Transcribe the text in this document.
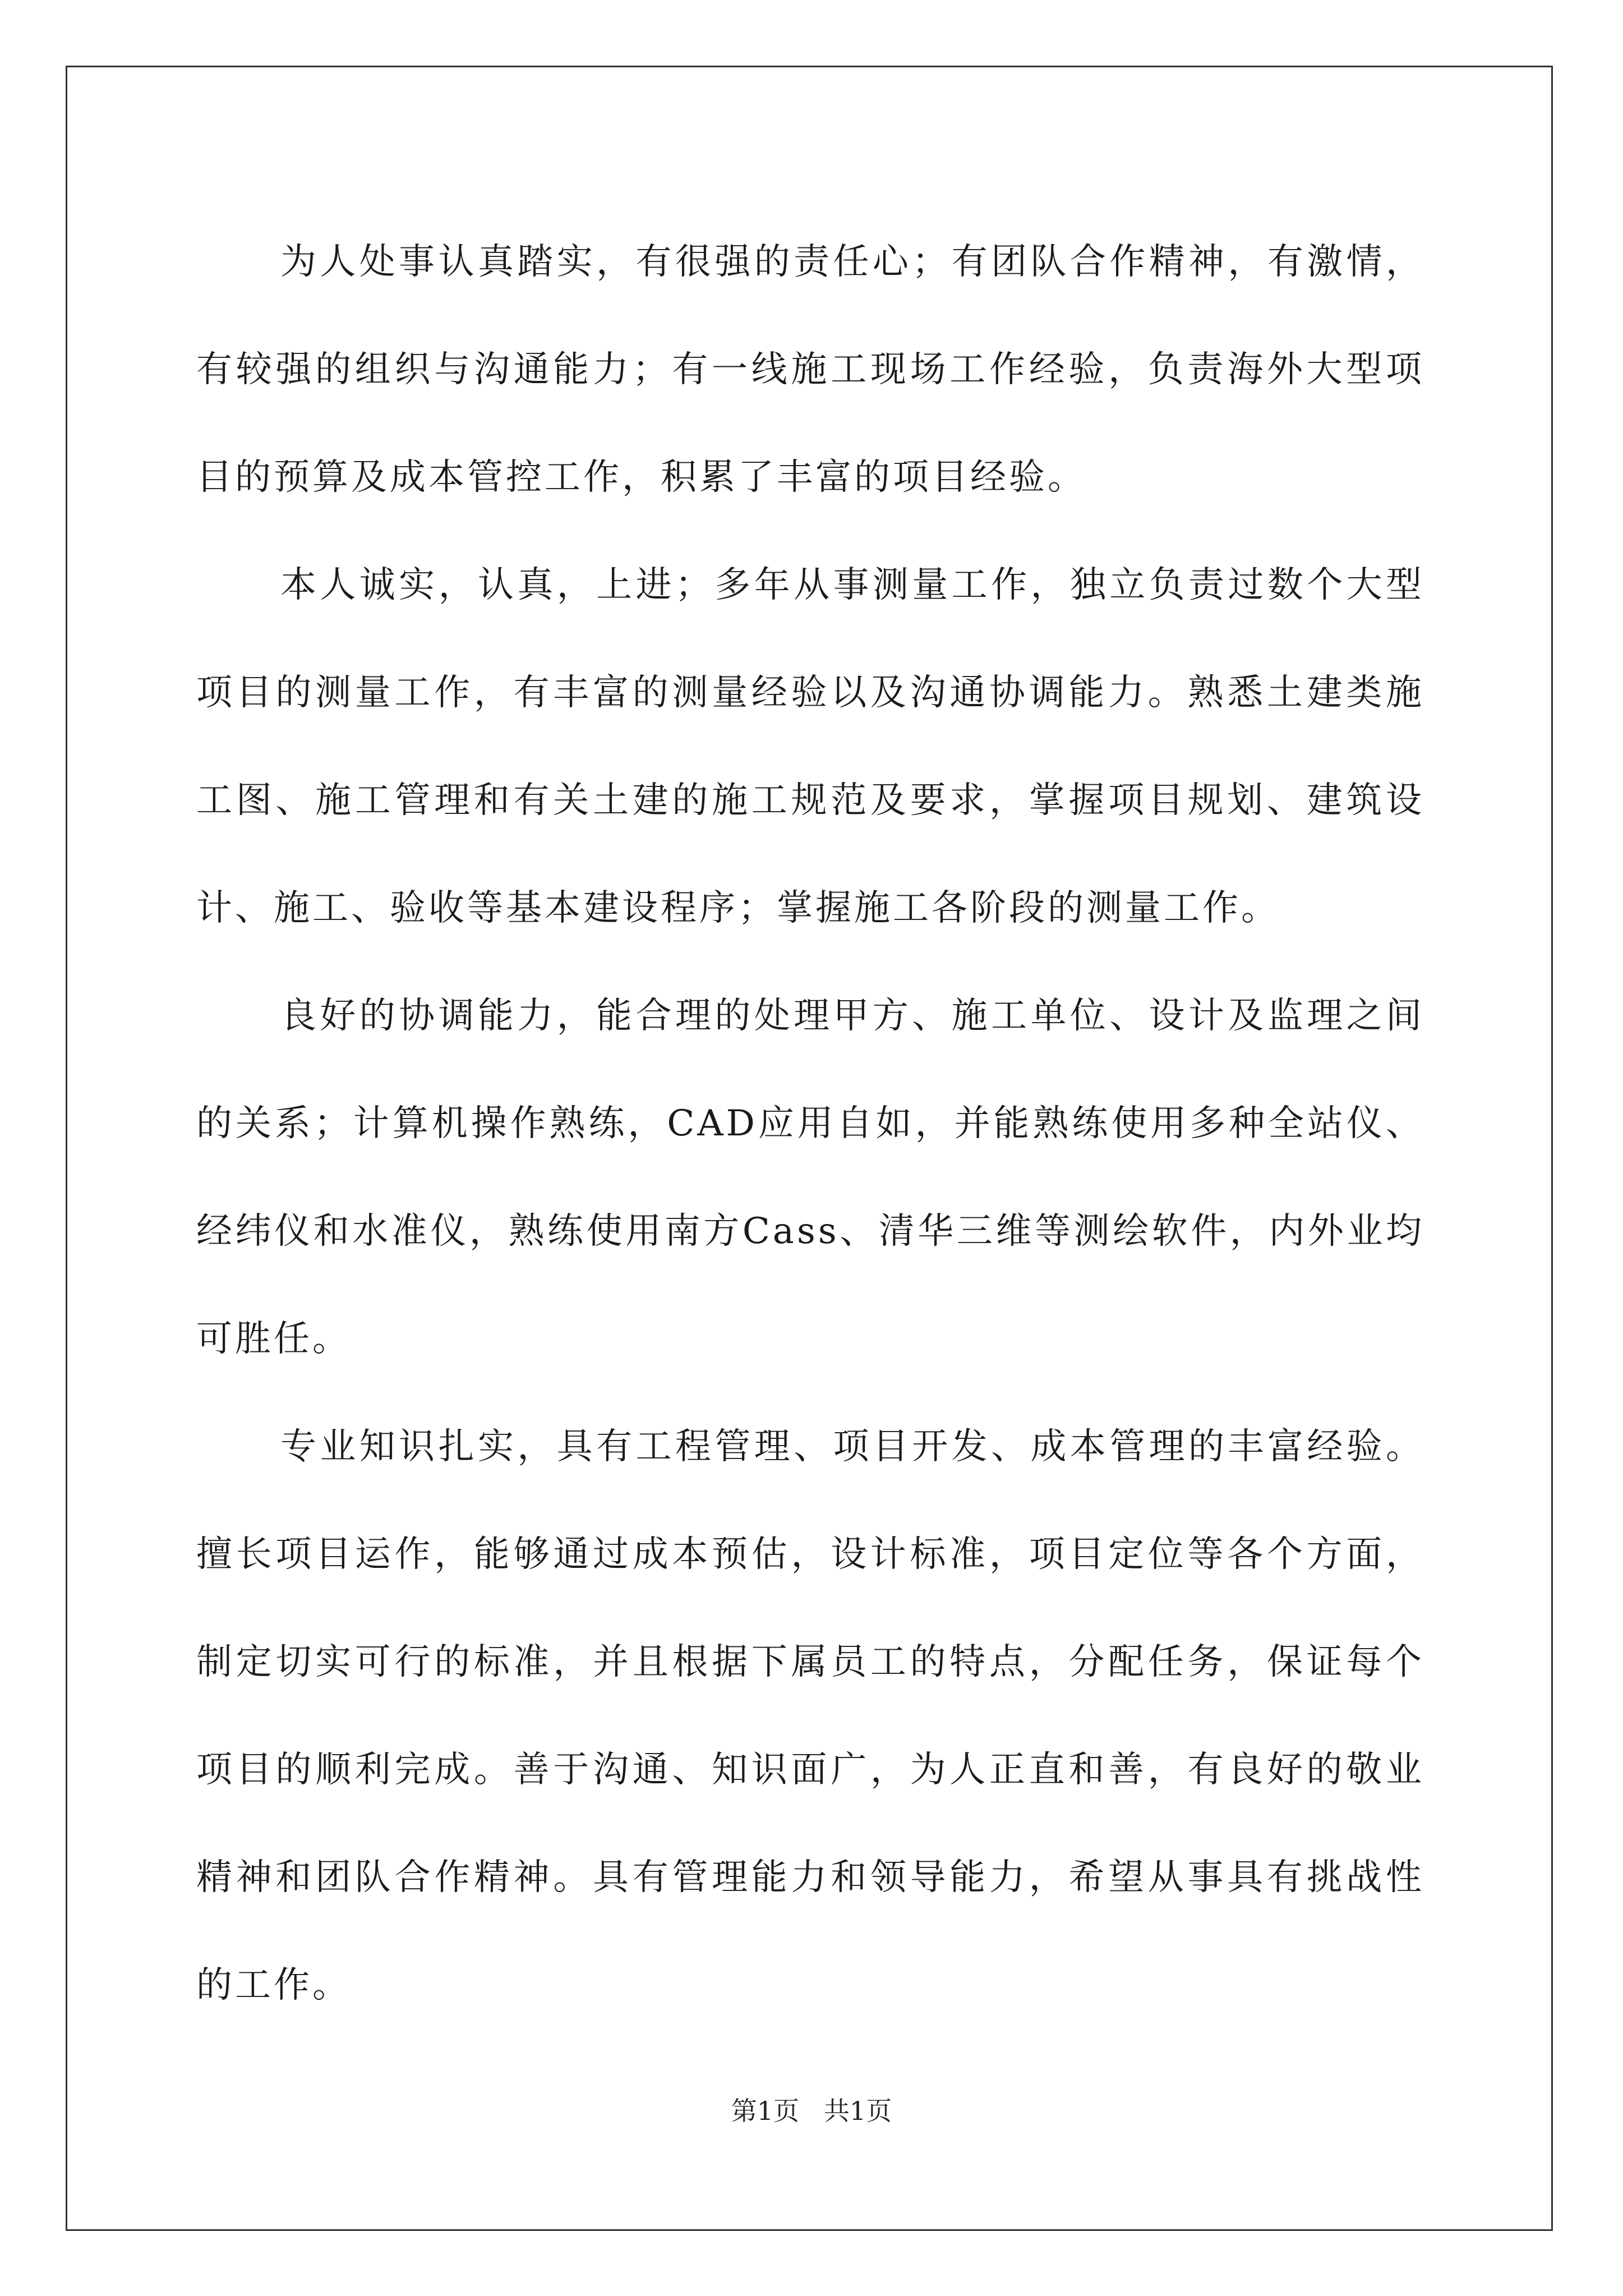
为人处事认真踏实，有很强的责任心；有团队合作精神，有激情，有较强的组织与沟通能力；有一线施工现场工作经验，负责海外大型项目的预算及成本管控工作，积累了丰富的项目经验。

本人诚实，认真，上进；多年从事测量工作，独立负责过数个大型项目的测量工作，有丰富的测量经验以及沟通协调能力。熟悉土建类施工图、施工管理和有关土建的施工规范及要求，掌握项目规划、建筑设计、施工、验收等基本建设程序；掌握施工各阶段的测量工作。

良好的协调能力，能合理的处理甲方、施工单位、设计及监理之间的关系；计算机操作熟练，CAD应用自如，并能熟练使用多种全站仪、经纬仪和水准仪，熟练使用南方Cass、清华三维等测绘软件，内外业均可胜任。

专业知识扎实，具有工程管理、项目开发、成本管理的丰富经验。擅长项目运作，能够通过成本预估，设计标准，项目定位等各个方面，制定切实可行的标准，并且根据下属员工的特点，分配任务，保证每个项目的顺利完成。善于沟通、知识面广，为人正直和善，有良好的敬业精神和团队合作精神。具有管理能力和领导能力，希望从事具有挑战性的工作。

第1页   共1页
